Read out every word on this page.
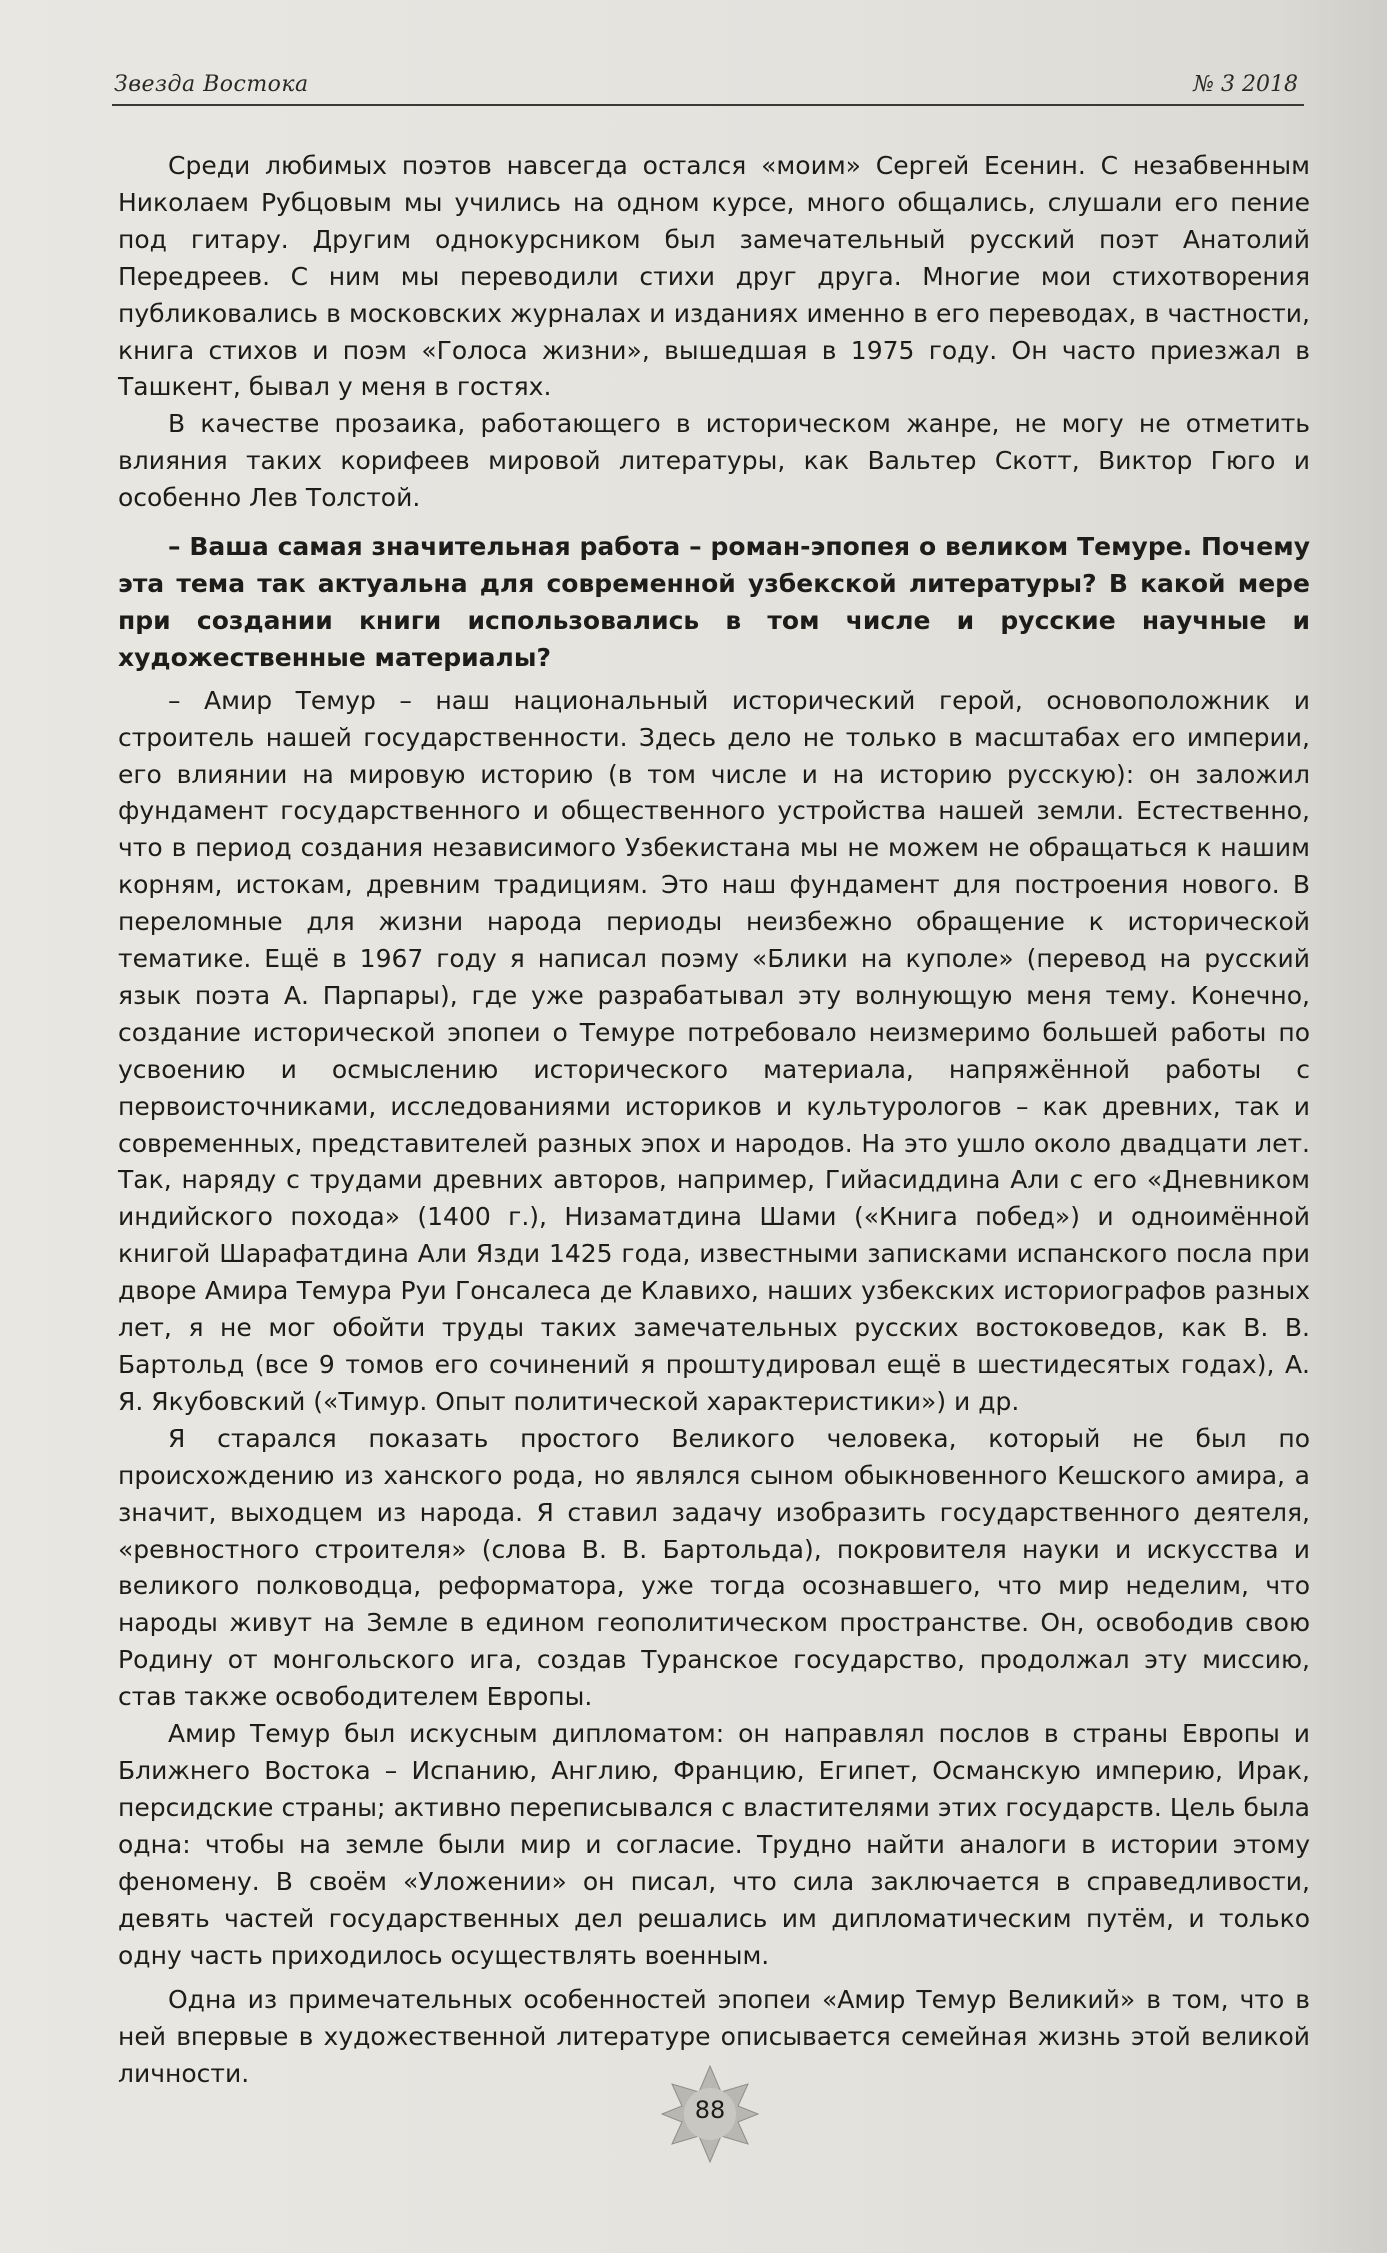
Звезда Востока	№ 3 2018

Среди любимых поэтов навсегда остался «моим» Сергей Есенин. С незабвенным Николаем Рубцовым мы учились на одном курсе, много общались, слушали его пение под гитару. Другим однокурсником был замечательный русский поэт Анатолий Передреев. С ним мы переводили стихи друг друга. Многие мои стихотворения публиковались в московских журналах и изданиях именно в его переводах, в частности, книга стихов и поэм «Голоса жизни», вышедшая в 1975 году. Он часто приезжал в Ташкент, бывал у меня в гостях.

В качестве прозаика, работающего в историческом жанре, не могу не отметить влияния таких корифеев мировой литературы, как Вальтер Скотт, Виктор Гюго и особенно Лев Толстой.

– Ваша самая значительная работа – роман-эпопея о великом Темуре. Почему эта тема так актуальна для современной узбекской литературы? В какой мере при создании книги использовались в том числе и русские научные и художественные материалы?

– Амир Темур – наш национальный исторический герой, основоположник и строитель нашей государственности. Здесь дело не только в масштабах его империи, его влиянии на мировую историю (в том числе и на историю русскую): он заложил фундамент государственного и общественного устройства нашей земли. Естественно, что в период создания независимого Узбекистана мы не можем не обращаться к нашим корням, истокам, древним традициям. Это наш фундамент для построения нового. В переломные для жизни народа периоды неизбежно обращение к исторической тематике. Ещё в 1967 году я написал поэму «Блики на куполе» (перевод на русский язык поэта А. Парпары), где уже разрабатывал эту волнующую меня тему. Конечно, создание исторической эпопеи о Темуре потребовало неизмеримо большей работы по усвоению и осмыслению исторического материала, напряжённой работы с первоисточниками, исследованиями историков и культурологов – как древних, так и современных, представителей разных эпох и народов. На это ушло около двадцати лет. Так, наряду с трудами древних авторов, например, Гийасиддина Али с его «Дневником индийского похода» (1400 г.), Низаматдина Шами («Книга побед») и одноимённой книгой Шарафатдина Али Язди 1425 года, известными записками испанского посла при дворе Амира Темура Руи Гонсалеса де Клавихо, наших узбекских историографов разных лет, я не мог обойти труды таких замечательных русских востоковедов, как В. В. Бартольд (все 9 томов его сочинений я проштудировал ещё в шестидесятых годах), А. Я. Якубовский («Тимур. Опыт политической характеристики») и др.

Я старался показать простого Великого человека, который не был по происхождению из ханского рода, но являлся сыном обыкновенного Кешского амира, а значит, выходцем из народа. Я ставил задачу изобразить государственного деятеля, «ревностного строителя» (слова В. В. Бартольда), покровителя науки и искусства и великого полководца, реформатора, уже тогда осознавшего, что мир неделим, что народы живут на Земле в едином геополитическом пространстве. Он, освободив свою Родину от монгольского ига, создав Туранское государство, продолжал эту миссию, став также освободителем Европы.

Амир Темур был искусным дипломатом: он направлял послов в страны Европы и Ближнего Востока – Испанию, Англию, Францию, Египет, Османскую империю, Ирак, персидские страны; активно переписывался с властителями этих государств. Цель была одна: чтобы на земле были мир и согласие. Трудно найти аналоги в истории этому феномену. В своём «Уложении» он писал, что сила заключается в справедливости, девять частей государственных дел решались им дипломатическим путём, и только одну часть приходилось осуществлять военным.

Одна из примечательных особенностей эпопеи «Амир Темур Великий» в том, что в ней впервые в художественной литературе описывается семейная жизнь этой великой личности.

88
